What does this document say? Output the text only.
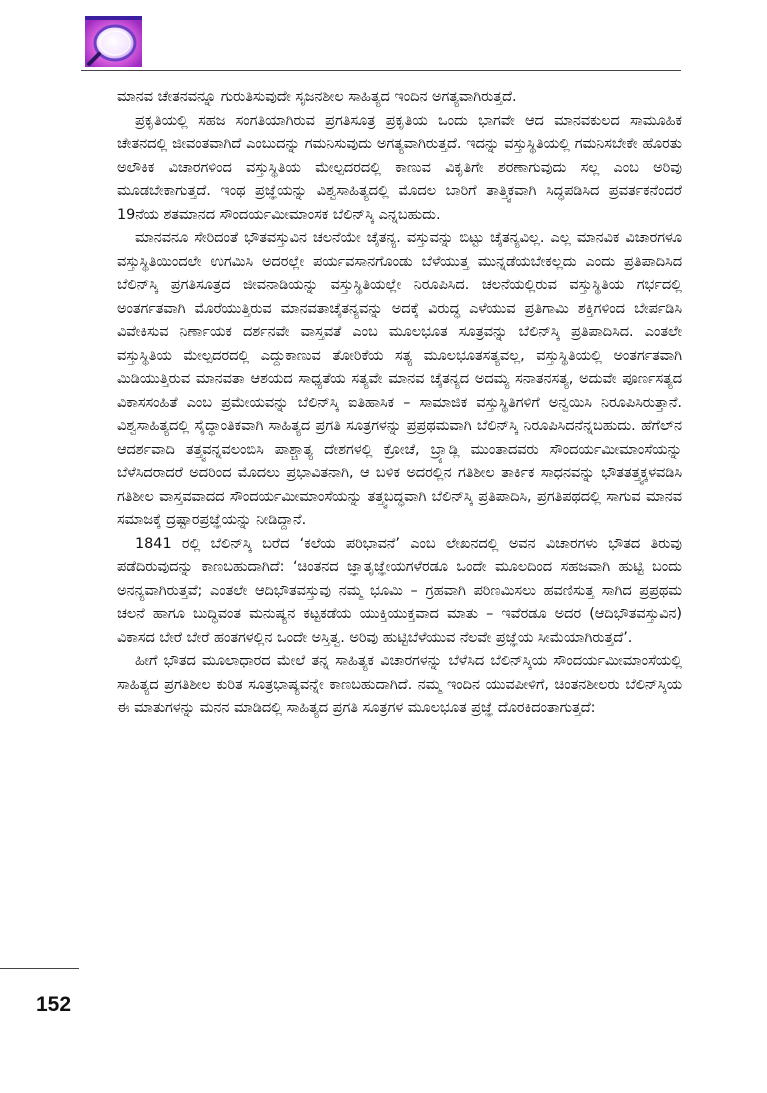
ಮಾನವ ಚೇತನವನ್ನೂ ಗುರುತಿಸುವುದೇ ಸೃಜನಶೀಲ ಸಾಹಿತ್ಯದ ಇಂದಿನ ಅಗತ್ಯವಾಗಿರುತ್ತದೆ.

ಪ್ರಕೃತಿಯಲ್ಲಿ ಸಹಜ ಸಂಗತಿಯಾಗಿರುವ ಪ್ರಗತಿಸೂತ್ರ ಪ್ರಕೃತಿಯ ಒಂದು ಭಾಗವೇ ಆದ ಮಾನವಕುಲದ ಸಾಮೂಹಿಕ ಚೇತನದಲ್ಲಿ ಜೀವಂತವಾಗಿದೆ ಎಂಬುದನ್ನು ಗಮನಿಸುವುದು ಅಗತ್ಯವಾಗಿರುತ್ತದೆ. ಇದನ್ನು ವಸ್ತುಸ್ಥಿತಿಯಲ್ಲಿ ಗಮನಿಸಬೇಕೇ ಹೊರತು ಅಲೌಕಿಕ ವಿಚಾರಗಳಿಂದ ವಸ್ತುಸ್ಥಿತಿಯ ಮೇಲ್ಪದರದಲ್ಲಿ ಕಾಣುವ ವಿಕೃತಿಗೇ ಶರಣಾಗುವುದು ಸಲ್ಲ ಎಂಬ ಅರಿವು ಮೂಡಬೇಕಾಗುತ್ತದೆ. ಇಂಥ ಪ್ರಜ್ಞೆಯನ್ನು ವಿಶ್ವಸಾಹಿತ್ಯದಲ್ಲಿ ಮೊದಲ ಬಾರಿಗೆ ತಾತ್ತ್ವಿಕವಾಗಿ ಸಿದ್ಧಪಡಿಸಿದ ಪ್ರವರ್ತಕನೆಂದರೆ 19ನೆಯ ಶತಮಾನದ ಸೌಂದರ್ಯಮೀಮಾಂಸಕ ಬೆಲಿನ್‌ಸ್ಕಿ ಎನ್ನಬಹುದು.

ಮಾನವನೂ ಸೇರಿದಂತೆ ಭೌತವಸ್ತುವಿನ ಚಲನೆಯೇ ಚೈತನ್ಯ. ವಸ್ತುವನ್ನು ಬಿಟ್ಟು ಚೈತನ್ಯವಿಲ್ಲ. ಎಲ್ಲ ಮಾನವಿಕ ವಿಚಾರಗಳೂ ವಸ್ತುಸ್ಥಿತಿಯಿಂದಲೇ ಉಗಮಿಸಿ ಅದರಲ್ಲೇ ಪರ್ಯವಸಾನಗೊಂಡು ಬೆಳೆಯುತ್ತ ಮುನ್ನಡೆಯಬೇಕಲ್ಲದು ಎಂದು ಪ್ರತಿಪಾದಿಸಿದ ಬೆಲಿನ್‌ಸ್ಕಿ ಪ್ರಗತಿಸೂತ್ರದ ಜೀವನಾಡಿಯನ್ನು ವಸ್ತುಸ್ಥಿತಿಯಲ್ಲೇ ನಿರೂಪಿಸಿದ. ಚಲನೆಯಲ್ಲಿರುವ ವಸ್ತುಸ್ಥಿತಿಯ ಗರ್ಭದಲ್ಲಿ ಅಂತರ್ಗತವಾಗಿ ಮೊರೆಯುತ್ತಿರುವ ಮಾನವತಾಚೈತನ್ಯವನ್ನು ಅದಕ್ಕೆ ವಿರುದ್ಧ ಎಳೆಯುವ ಪ್ರತಿಗಾಮಿ ಶಕ್ತಿಗಳಿಂದ ಬೇರ್ಪಡಿಸಿ ವಿವೇಕಿಸುವ ನಿರ್ಣಾಯಕ ದರ್ಶನವೇ ವಾಸ್ತವತೆ ಎಂಬ ಮೂಲಭೂತ ಸೂತ್ರವನ್ನು ಬೆಲಿನ್‌ಸ್ಕಿ ಪ್ರತಿಪಾದಿಸಿದ. ಎಂತಲೇ ವಸ್ತುಸ್ಥಿತಿಯ ಮೇಲ್ಪದರದಲ್ಲಿ ಎದ್ದುಕಾಣುವ ತೋರಿಕೆಯ ಸತ್ಯ ಮೂಲಭೂತಸತ್ಯವಲ್ಲ, ವಸ್ತುಸ್ಥಿತಿಯಲ್ಲಿ ಅಂತರ್ಗತವಾಗಿ ಮಿಡಿಯುತ್ತಿರುವ ಮಾನವತಾ ಆಶಯದ ಸಾಧ್ಯತೆಯ ಸತ್ಯವೇ ಮಾನವ ಚೈತನ್ಯದ ಅದಮ್ಯ ಸನಾತನಸತ್ಯ, ಅದುವೇ ಪೂರ್ಣಸತ್ಯದ ವಿಕಾಸಸಂಹಿತೆ ಎಂಬ ಪ್ರಮೇಯವನ್ನು ಬೆಲಿನ್‌ಸ್ಕಿ ಐತಿಹಾಸಿಕ – ಸಾಮಾಜಿಕ ವಸ್ತುಸ್ಥಿತಿಗಳಿಗೆ ಅನ್ವಯಿಸಿ ನಿರೂಪಿಸಿರುತ್ತಾನೆ. ವಿಶ್ವಸಾಹಿತ್ಯದಲ್ಲಿ ಸೈದ್ಧಾಂತಿಕವಾಗಿ ಸಾಹಿತ್ಯದ ಪ್ರಗತಿ ಸೂತ್ರಗಳನ್ನು ಪ್ರಪ್ರಥಮವಾಗಿ ಬೆಲಿನ್‌ಸ್ಕಿ ನಿರೂಪಿಸಿದನೆನ್ನಬಹುದು. ಹೆಗೆಲ್‌ನ ಆದರ್ಶವಾದಿ ತತ್ತ್ವವನ್ನವಲಂಬಿಸಿ ಪಾಶ್ಚಾತ್ಯ ದೇಶಗಳಲ್ಲಿ ಕ್ರೋಚೆ, ಬ್ರ್ಯಾಡ್ಲಿ ಮುಂತಾದವರು ಸೌಂದರ್ಯಮೀಮಾಂಸೆಯನ್ನು ಬೆಳೆಸಿದರಾದರೆ ಅದರಿಂದ ಮೊದಲು ಪ್ರಭಾವಿತನಾಗಿ, ಆ ಬಳಿಕ ಅದರಲ್ಲಿನ ಗತಿಶೀಲ ತಾರ್ಕಿಕ ಸಾಧನವನ್ನು ಭೌತತತ್ತ್ವಕ್ಕಳವಡಿಸಿ ಗತಿಶೀಲ ವಾಸ್ತವವಾದದ ಸೌಂದರ್ಯಮೀಮಾಂಸೆಯನ್ನು ತತ್ತ್ವಬದ್ಧವಾಗಿ ಬೆಲಿನ್‌ಸ್ಕಿ ಪ್ರತಿಪಾದಿಸಿ, ಪ್ರಗತಿಪಥದಲ್ಲಿ ಸಾಗುವ ಮಾನವ ಸಮಾಜಕ್ಕೆ ದ್ರಷ್ಟಾರಪ್ರಜ್ಞೆಯನ್ನು ನೀಡಿದ್ದಾನೆ.

1841 ರಲ್ಲಿ ಬೆಲಿನ್‌ಸ್ಕಿ ಬರೆದ ‘ಕಲೆಯ ಪರಿಭಾವನೆ’ ಎಂಬ ಲೇಖನದಲ್ಲಿ ಅವನ ವಿಚಾರಗಳು ಭೌತದ ತಿರುವು ಪಡೆದಿರುವುದನ್ನು ಕಾಣಬಹುದಾಗಿದೆ: ‘ಚಿಂತನದ ಜ್ಞಾತೃಜ್ಞೇಯಗಳೆರಡೂ ಒಂದೇ ಮೂಲದಿಂದ ಸಹಜವಾಗಿ ಹುಟ್ಟಿ ಬಂದು ಅನನ್ಯವಾಗಿರುತ್ತವೆ; ಎಂತಲೇ ಆದಿಭೌತವಸ್ತುವು ನಮ್ಮ ಭೂಮಿ – ಗ್ರಹವಾಗಿ ಪರಿಣಮಿಸಲು ಹವಣಿಸುತ್ತ ಸಾಗಿದ ಪ್ರಪ್ರಥಮ ಚಲನೆ ಹಾಗೂ ಬುದ್ಧಿವಂತ ಮನುಷ್ಯನ ಕಟ್ಟಕಡೆಯ ಯುಕ್ತಿಯುಕ್ತವಾದ ಮಾತು – ಇವೆರಡೂ ಅದರ (ಆದಿಭೌತವಸ್ತುವಿನ) ವಿಕಾಸದ ಬೇರೆ ಬೇರೆ ಹಂತಗಳಲ್ಲಿನ ಒಂದೇ ಅಸ್ತಿತ್ವ. ಅರಿವು ಹುಟ್ಟಿಬೆಳೆಯುವ ನೆಲವೇ ಪ್ರಜ್ಞೆಯ ಸೀಮೆಯಾಗಿರುತ್ತದೆ’.

ಹೀಗೆ ಭೌತದ ಮೂಲಾಧಾರದ ಮೇಲೆ ತನ್ನ ಸಾಹಿತ್ಯಕ ವಿಚಾರಗಳನ್ನು ಬೆಳೆಸಿದ ಬೆಲಿನ್‌ಸ್ಕಿಯ ಸೌಂದರ್ಯಮೀಮಾಂಸೆಯಲ್ಲಿ ಸಾಹಿತ್ಯದ ಪ್ರಗತಿಶೀಲ ಕುರಿತ ಸೂತ್ರಭಾಷ್ಯವನ್ನೇ ಕಾಣಬಹುದಾಗಿದೆ. ನಮ್ಮ ಇಂದಿನ ಯುವಪೀಳಿಗೆ, ಚಿಂತನಶೀಲರು ಬೆಲಿನ್‌ಸ್ಕಿಯ ಈ ಮಾತುಗಳನ್ನು ಮನನ ಮಾಡಿದಲ್ಲಿ ಸಾಹಿತ್ಯದ ಪ್ರಗತಿ ಸೂತ್ರಗಳ ಮೂಲಭೂತ ಪ್ರಜ್ಞೆ ದೊರಕಿದಂತಾಗುತ್ತದೆ:

152
